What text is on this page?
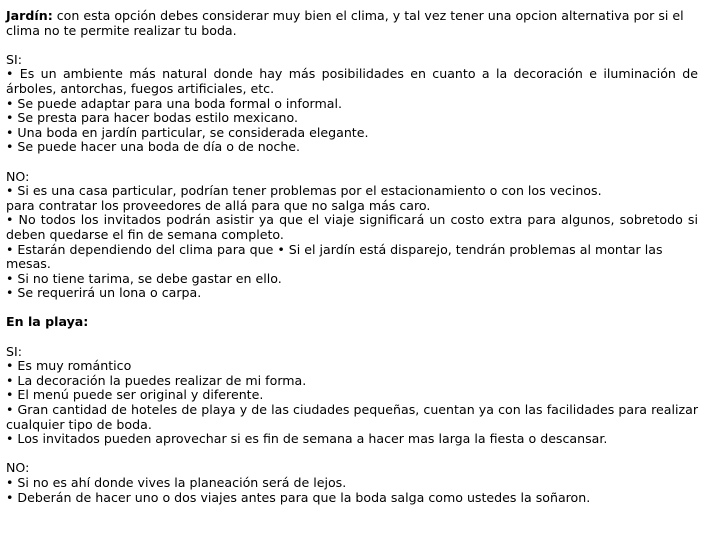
Jardín: con esta opción debes considerar muy bien el clima, y tal vez tener una opcion alternativa por si el clima no te permite realizar tu boda.

SI:

• Es un ambiente más natural donde hay más posibilidades en cuanto a la decoración e iluminación de árboles, antorchas, fuegos artificiales, etc.

• Se puede adaptar para una boda formal o informal.

• Se presta para hacer bodas estilo mexicano.

• Una boda en jardín particular, se considerada elegante.

• Se puede hacer una boda de día o de noche.

NO:

• Si es una casa particular, podrían tener problemas por el estacionamiento o con los vecinos.

para contratar los proveedores de allá para que no salga más caro.

• No todos los invitados podrán asistir ya que el viaje significará un costo extra para algunos, sobretodo si deben quedarse el fin de semana completo.

• Estarán dependiendo del clima para que • Si el jardín está disparejo, tendrán problemas al montar las mesas.

• Si no tiene tarima, se debe gastar en ello.

• Se requerirá un lona o carpa.

En la playa:

SI:

• Es muy romántico

• La decoración la puedes realizar de mi forma.

• El menú puede ser original y diferente.

• Gran cantidad de hoteles de playa y de las ciudades pequeñas, cuentan ya con las facilidades para realizar cualquier tipo de boda.

• Los invitados pueden aprovechar si es fin de semana a hacer mas larga la fiesta o descansar.

NO:

• Si no es ahí donde vives la planeación será de lejos.

• Deberán de hacer uno o dos viajes antes para que la boda salga como ustedes la soñaron.
